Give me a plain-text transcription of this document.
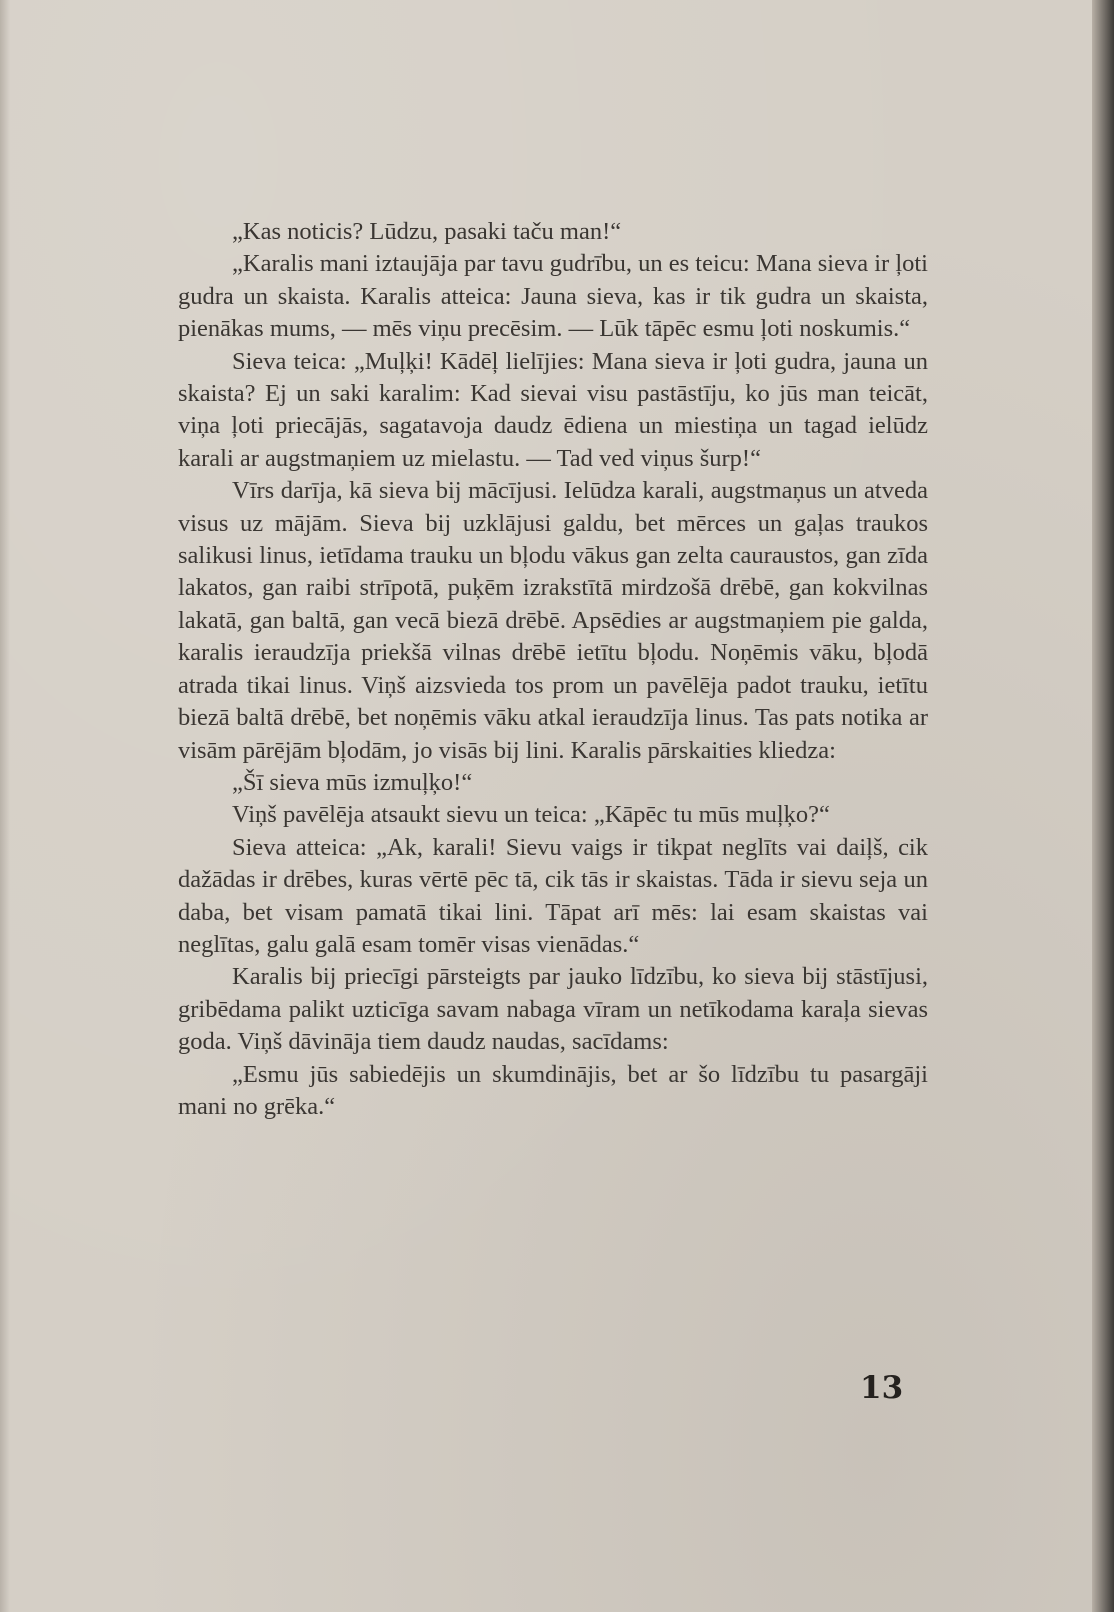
„Kas noticis? Lūdzu, pasaki taču man!“

„Karalis mani iztaujāja par tavu gudrību, un es teicu: Mana sieva ir ļoti gudra un skaista. Karalis atteica: Jauna sieva, kas ir tik gudra un skaista, pienākas mums, — mēs viņu precēsim. — Lūk tāpēc esmu ļoti noskumis.“

Sieva teica: „Muļķi! Kādēļ lielījies: Mana sieva ir ļoti gudra, jauna un skaista? Ej un saki karalim: Kad sievai visu pastāstīju, ko jūs man teicāt, viņa ļoti priecājās, sagatavoja daudz ēdiena un miestiņa un tagad ielūdz karali ar augstmaņiem uz mielastu. — Tad ved viņus šurp!“

Vīrs darīja, kā sieva bij mācījusi. Ielūdza karali, augstmaņus un atveda visus uz mājām. Sieva bij uzklājusi galdu, bet mērces un gaļas traukos salikusi linus, ietīdama trauku un bļodu vākus gan zelta cauraustos, gan zīda lakatos, gan raibi strīpotā, puķēm izrakstītā mirdzošā drēbē, gan kokvilnas lakatā, gan baltā, gan vecā biezā drēbē. Apsēdies ar augstmaņiem pie galda, karalis ieraudzīja priekšā vilnas drēbē ietītu bļodu. Noņēmis vāku, bļodā atrada tikai linus. Viņš aizsvieda tos prom un pavēlēja padot trauku, ietītu biezā baltā drēbē, bet noņēmis vāku atkal ieraudzīja linus. Tas pats notika ar visām pārējām bļodām, jo visās bij lini. Karalis pārskaities kliedza:

„Šī sieva mūs izmuļķo!“

Viņš pavēlēja atsaukt sievu un teica: „Kāpēc tu mūs muļķo?“

Sieva atteica: „Ak, karali! Sievu vaigs ir tikpat neglīts vai daiļš, cik dažādas ir drēbes, kuras vērtē pēc tā, cik tās ir skaistas. Tāda ir sievu seja un daba, bet visam pamatā tikai lini. Tāpat arī mēs: lai esam skaistas vai neglītas, galu galā esam tomēr visas vienādas.“

Karalis bij priecīgi pārsteigts par jauko līdzību, ko sieva bij stāstījusi, gribēdama palikt uzticīga savam nabaga vīram un netīkodama karaļa sievas goda. Viņš dāvināja tiem daudz naudas, sacīdams:

„Esmu jūs sabiedējis un skumdinājis, bet ar šo līdzību tu pasargāji mani no grēka.“

13
